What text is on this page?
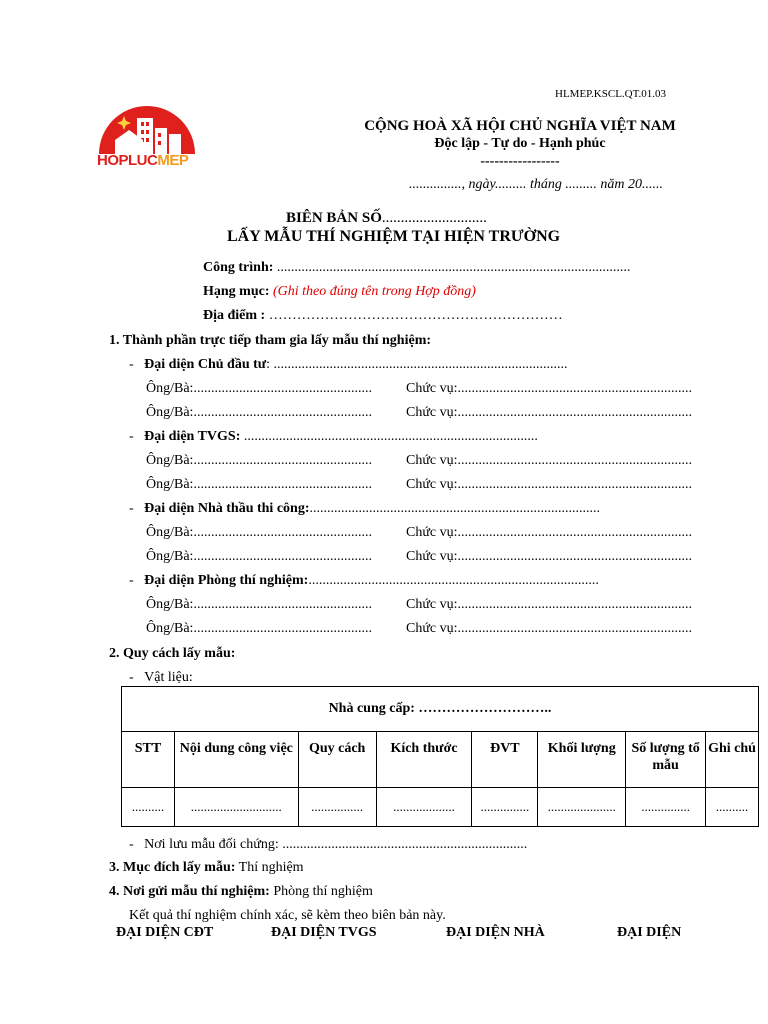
HLMEP.KSCL.QT.01.03
HOPLUCMEP
CỘNG HOÀ XÃ HỘI CHỦ NGHĨA VIỆT NAM
Độc lập - Tự do - Hạnh phúc
-----------------
..............., ngày......... tháng ......... năm 20......
BIÊN BẢN SỐ............................
LẤY MẪU THÍ NGHIỆM TẠI HIỆN TRƯỜNG
Công trình: .....................................................................................................
Hạng mục: (Ghi theo đúng tên trong Hợp đồng)
Địa điểm : ………………………………………………………
1. Thành phần trực tiếp tham gia lấy mẫu thí nghiệm:
- Đại diện Chủ đầu tư: ....................................................................................
Ông/Bà:................................................... Chức vụ:...................................................................
Ông/Bà:................................................... Chức vụ:...................................................................
- Đại diện TVGS: ....................................................................................
Ông/Bà:................................................... Chức vụ:...................................................................
Ông/Bà:................................................... Chức vụ:...................................................................
- Đại diện Nhà thầu thi công:...................................................................................
Ông/Bà:................................................... Chức vụ:...................................................................
Ông/Bà:................................................... Chức vụ:...................................................................
- Đại diện Phòng thí nghiệm:...................................................................................
Ông/Bà:................................................... Chức vụ:...................................................................
Ông/Bà:................................................... Chức vụ:...................................................................
2. Quy cách lấy mẫu:
- Vật liệu:
Nhà cung cấp: ………………………..							
STT	Nội dung công việc	Quy cách	Kích thước	ĐVT	Khối lượng	Số lượng tổ mẫu	Ghi chú
..........	............................	................	...................	...............	.....................	...............	..........
- Nơi lưu mẫu đối chứng: ......................................................................
3. Mục đích lấy mẫu: Thí nghiệm
4. Nơi gửi mẫu thí nghiệm: Phòng thí nghiệm
Kết quả thí nghiệm chính xác, sẽ kèm theo biên bản này.
ĐẠI DIỆN CĐT	ĐẠI DIỆN TVGS	ĐẠI DIỆN NHÀ	ĐẠI DIỆN
